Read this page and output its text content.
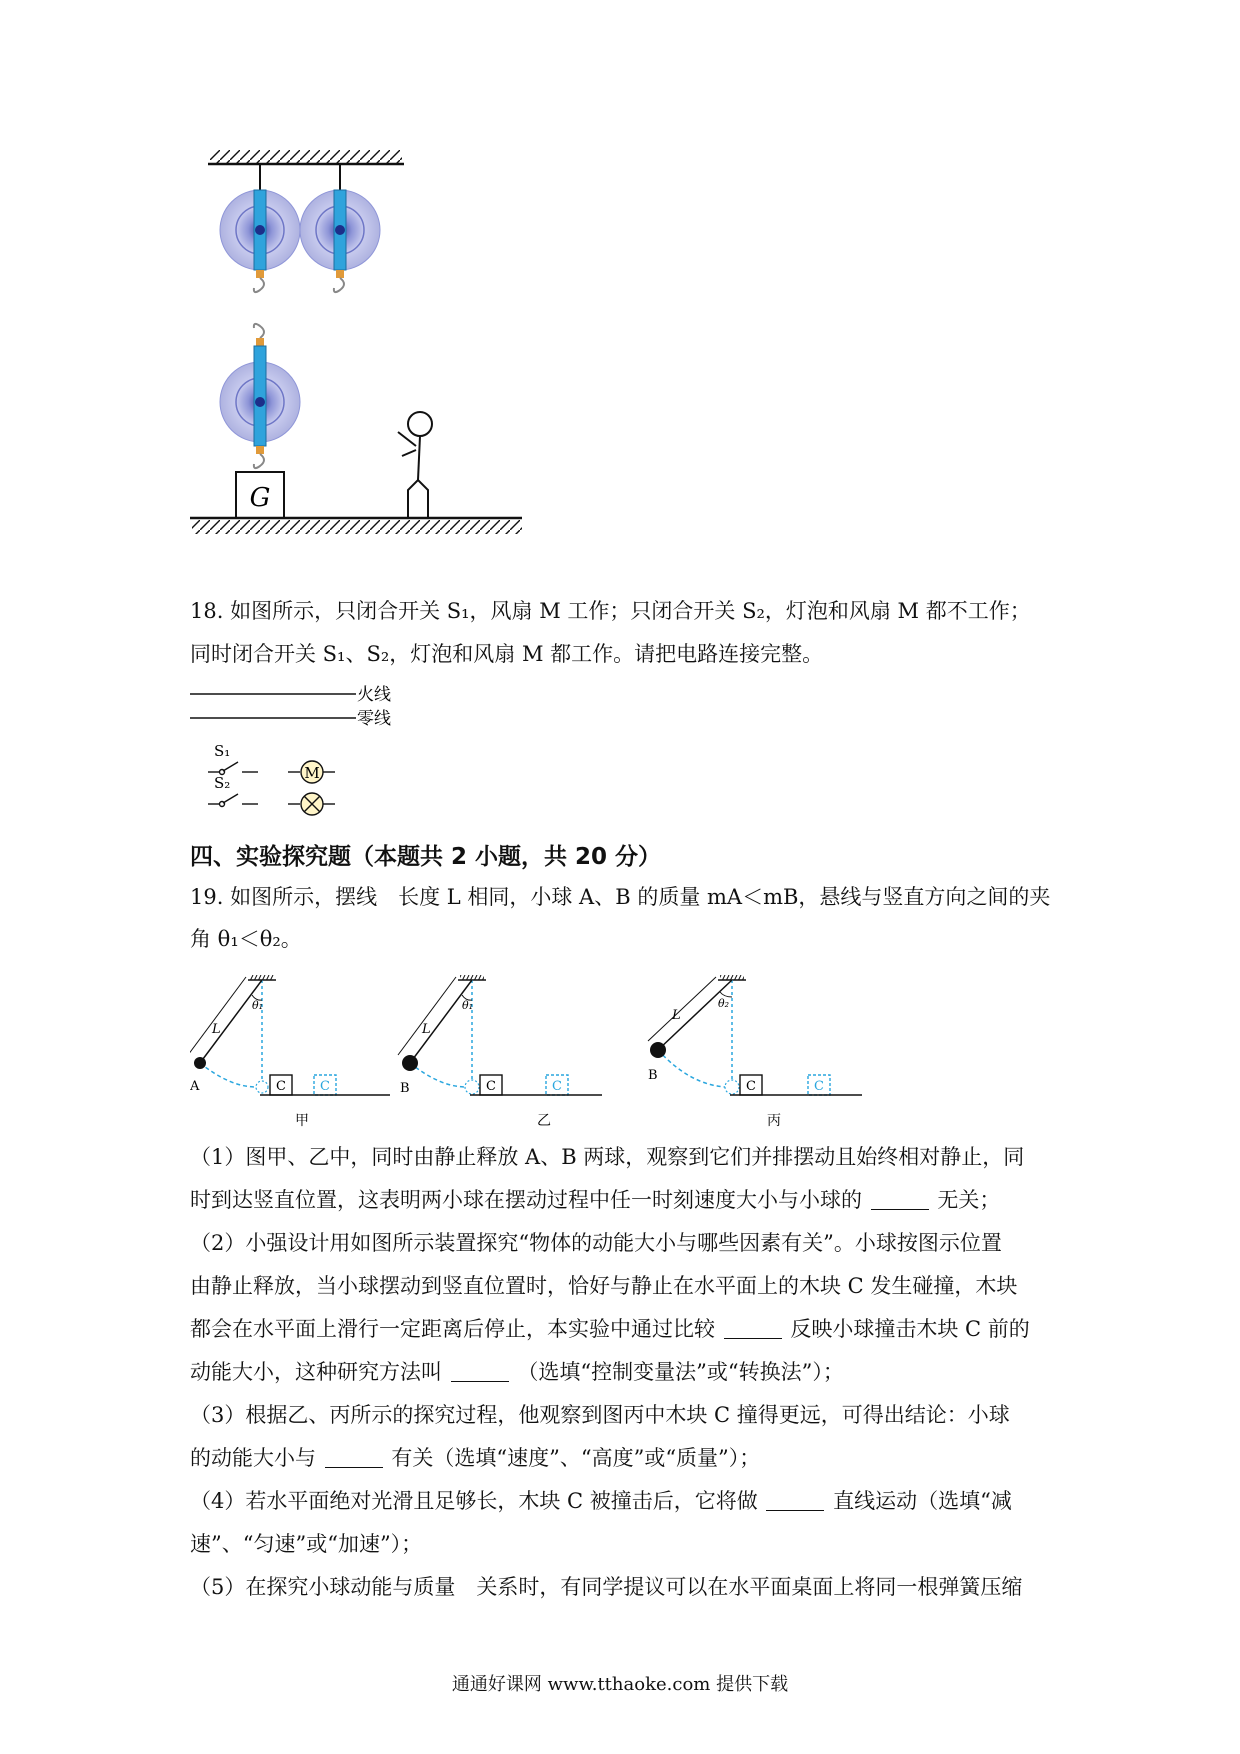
G
18. 如图所示，只闭合开关 S₁，风扇 M 工作；只闭合开关 S₂，灯泡和风扇 M 都不工作；
同时闭合开关 S₁、S₂，灯泡和风扇 M 都工作。请把电路连接完整。
火线
零线
S₁
M
S₂
四、实验探究题（本题共 2 小题，共 20 分）
19. 如图所示，摆线　长度 L 相同，小球 A、B 的质量 mA＜mB，悬线与竖直方向之间的夹
角 θ₁＜θ₂。
L
θ₁
A	C	C
甲
L
θ₁
B	C	C
乙
L
θ₂
B
C	C
丙
（1）图甲、乙中，同时由静止释放 A、B 两球，观察到它们并排摆动且始终相对静止，同
时到达竖直位置，这表明两小球在摆动过程中任一时刻速度大小与小球的	无关；
（2）小强设计用如图所示装置探究“物体的动能大小与哪些因素有关”。小球按图示位置
由静止释放，当小球摆动到竖直位置时，恰好与静止在水平面上的木块 C 发生碰撞，木块
都会在水平面上滑行一定距离后停止，本实验中通过比较	反映小球撞击木块 C 前的
动能大小，这种研究方法叫	（选填“控制变量法”或“转换法”）；
（3）根据乙、丙所示的探究过程，他观察到图丙中木块 C 撞得更远，可得出结论：小球
的动能大小与	有关（选填“速度”、“高度”或“质量”）；
（4）若水平面绝对光滑且足够长，木块 C 被撞击后，它将做	直线运动（选填“减
速”、“匀速”或“加速”）；
（5）在探究小球动能与质量　关系时，有同学提议可以在水平面桌面上将同一根弹簧压缩
通通好课网 www.tthaoke.com 提供下载
